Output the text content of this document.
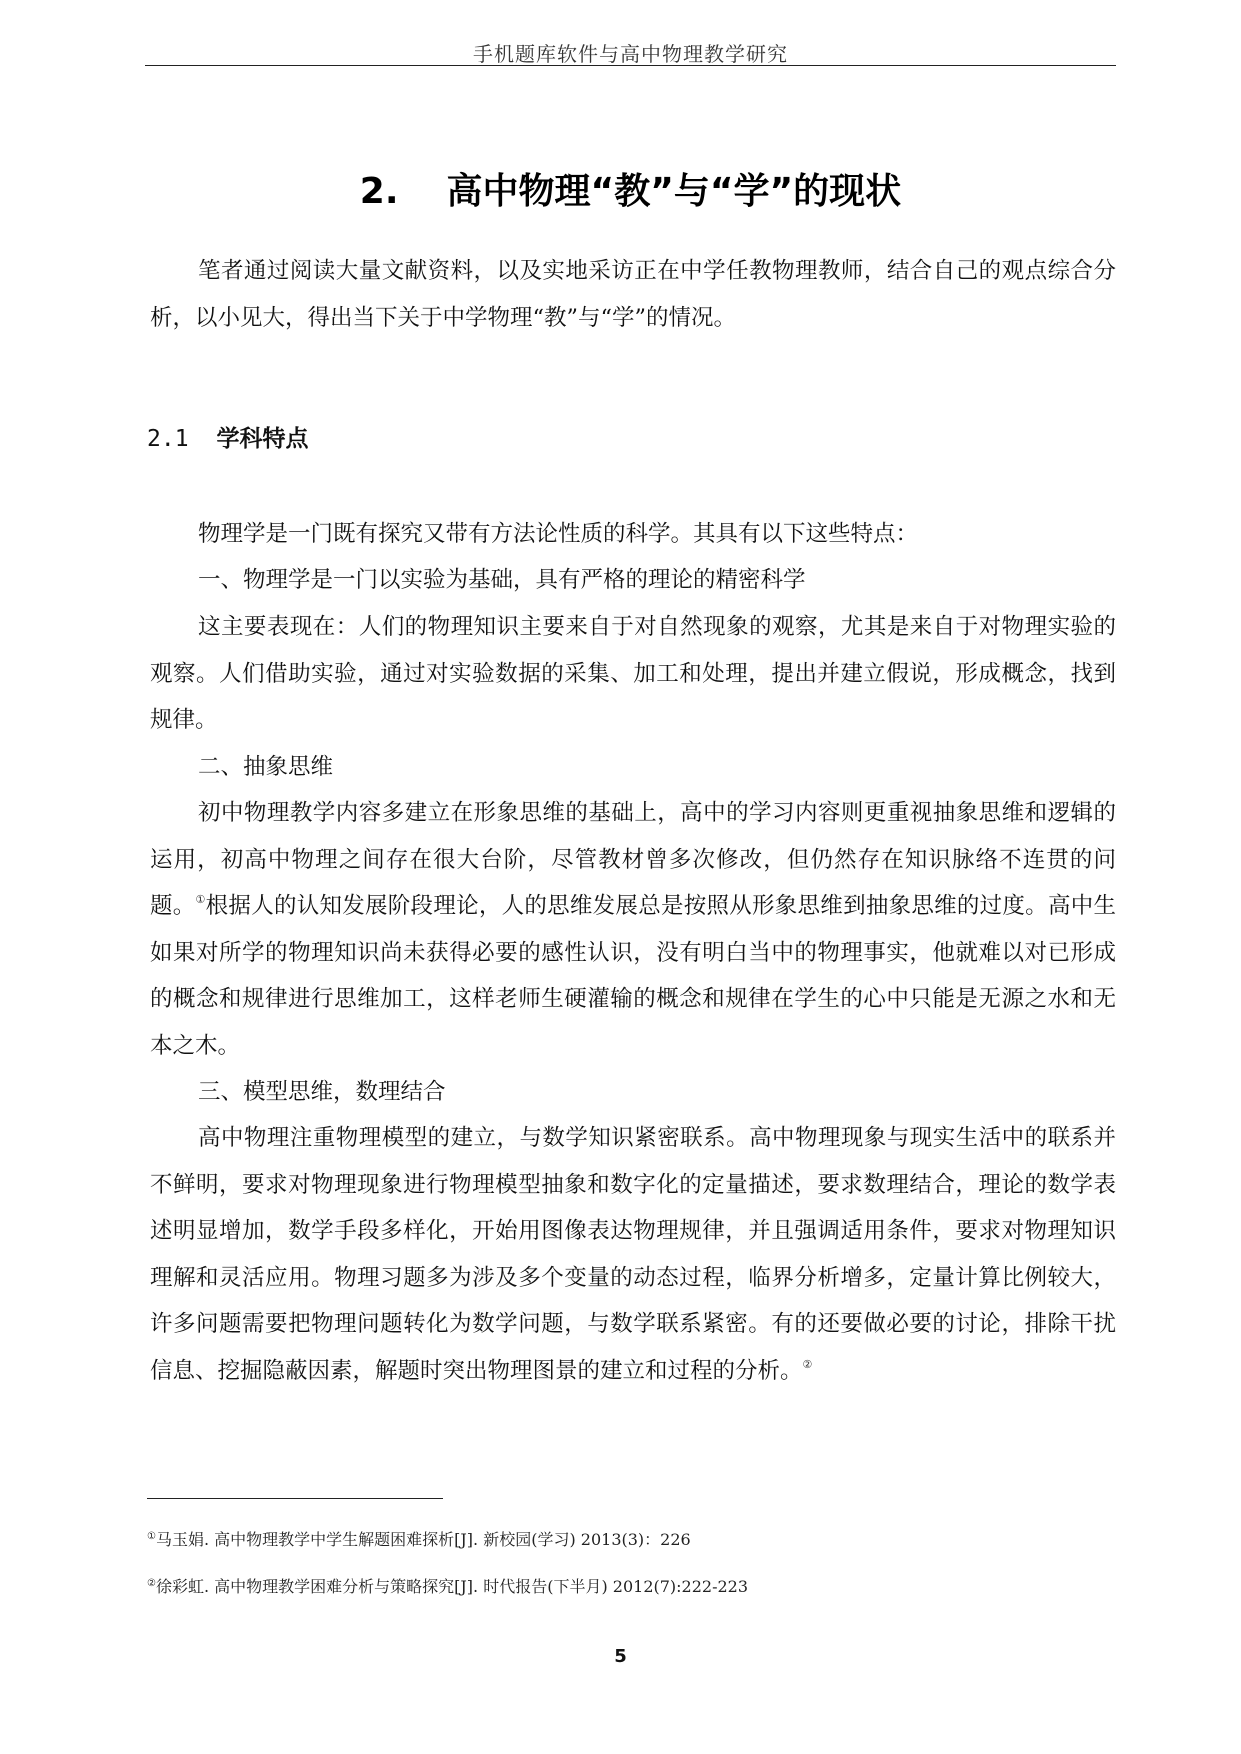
手机题库软件与高中物理教学研究
2. 高中物理“教”与“学”的现状

笔者通过阅读大量文献资料，以及实地采访正在中学任教物理教师，结合自己的观点综合分析，以小见大，得出当下关于中学物理“教”与“学”的情况。

2.1 学科特点
物理学是一门既有探究又带有方法论性质的科学。其具有以下这些特点：
一、物理学是一门以实验为基础，具有严格的理论的精密科学

这主要表现在：人们的物理知识主要来自于对自然现象的观察，尤其是来自于对物理实验的观察。人们借助实验，通过对实验数据的采集、加工和处理，提出并建立假说，形成概念，找到规律。

二、抽象思维

初中物理教学内容多建立在形象思维的基础上，高中的学习内容则更重视抽象思维和逻辑的运用，初高中物理之间存在很大台阶，尽管教材曾多次修改，但仍然存在知识脉络不连贯的问题。①根据人的认知发展阶段理论，人的思维发展总是按照从形象思维到抽象思维的过度。高中生如果对所学的物理知识尚未获得必要的感性认识，没有明白当中的物理事实，他就难以对已形成的概念和规律进行思维加工，这样老师生硬灌输的概念和规律在学生的心中只能是无源之水和无本之木。

三、模型思维，数理结合

高中物理注重物理模型的建立，与数学知识紧密联系。高中物理现象与现实生活中的联系并不鲜明，要求对物理现象进行物理模型抽象和数字化的定量描述，要求数理结合，理论的数学表述明显增加，数学手段多样化，开始用图像表达物理规律，并且强调适用条件，要求对物理知识理解和灵活应用。物理习题多为涉及多个变量的动态过程，临界分析增多，定量计算比例较大，许多问题需要把物理问题转化为数学问题，与数学联系紧密。有的还要做必要的讨论，排除干扰信息、挖掘隐蔽因素，解题时突出物理图景的建立和过程的分析。②

①马玉娟. 高中物理教学中学生解题困难探析[J]. 新校园(学习) 2013(3)：226
②徐彩虹. 高中物理教学困难分析与策略探究[J]. 时代报告(下半月) 2012(7):222-223
5
